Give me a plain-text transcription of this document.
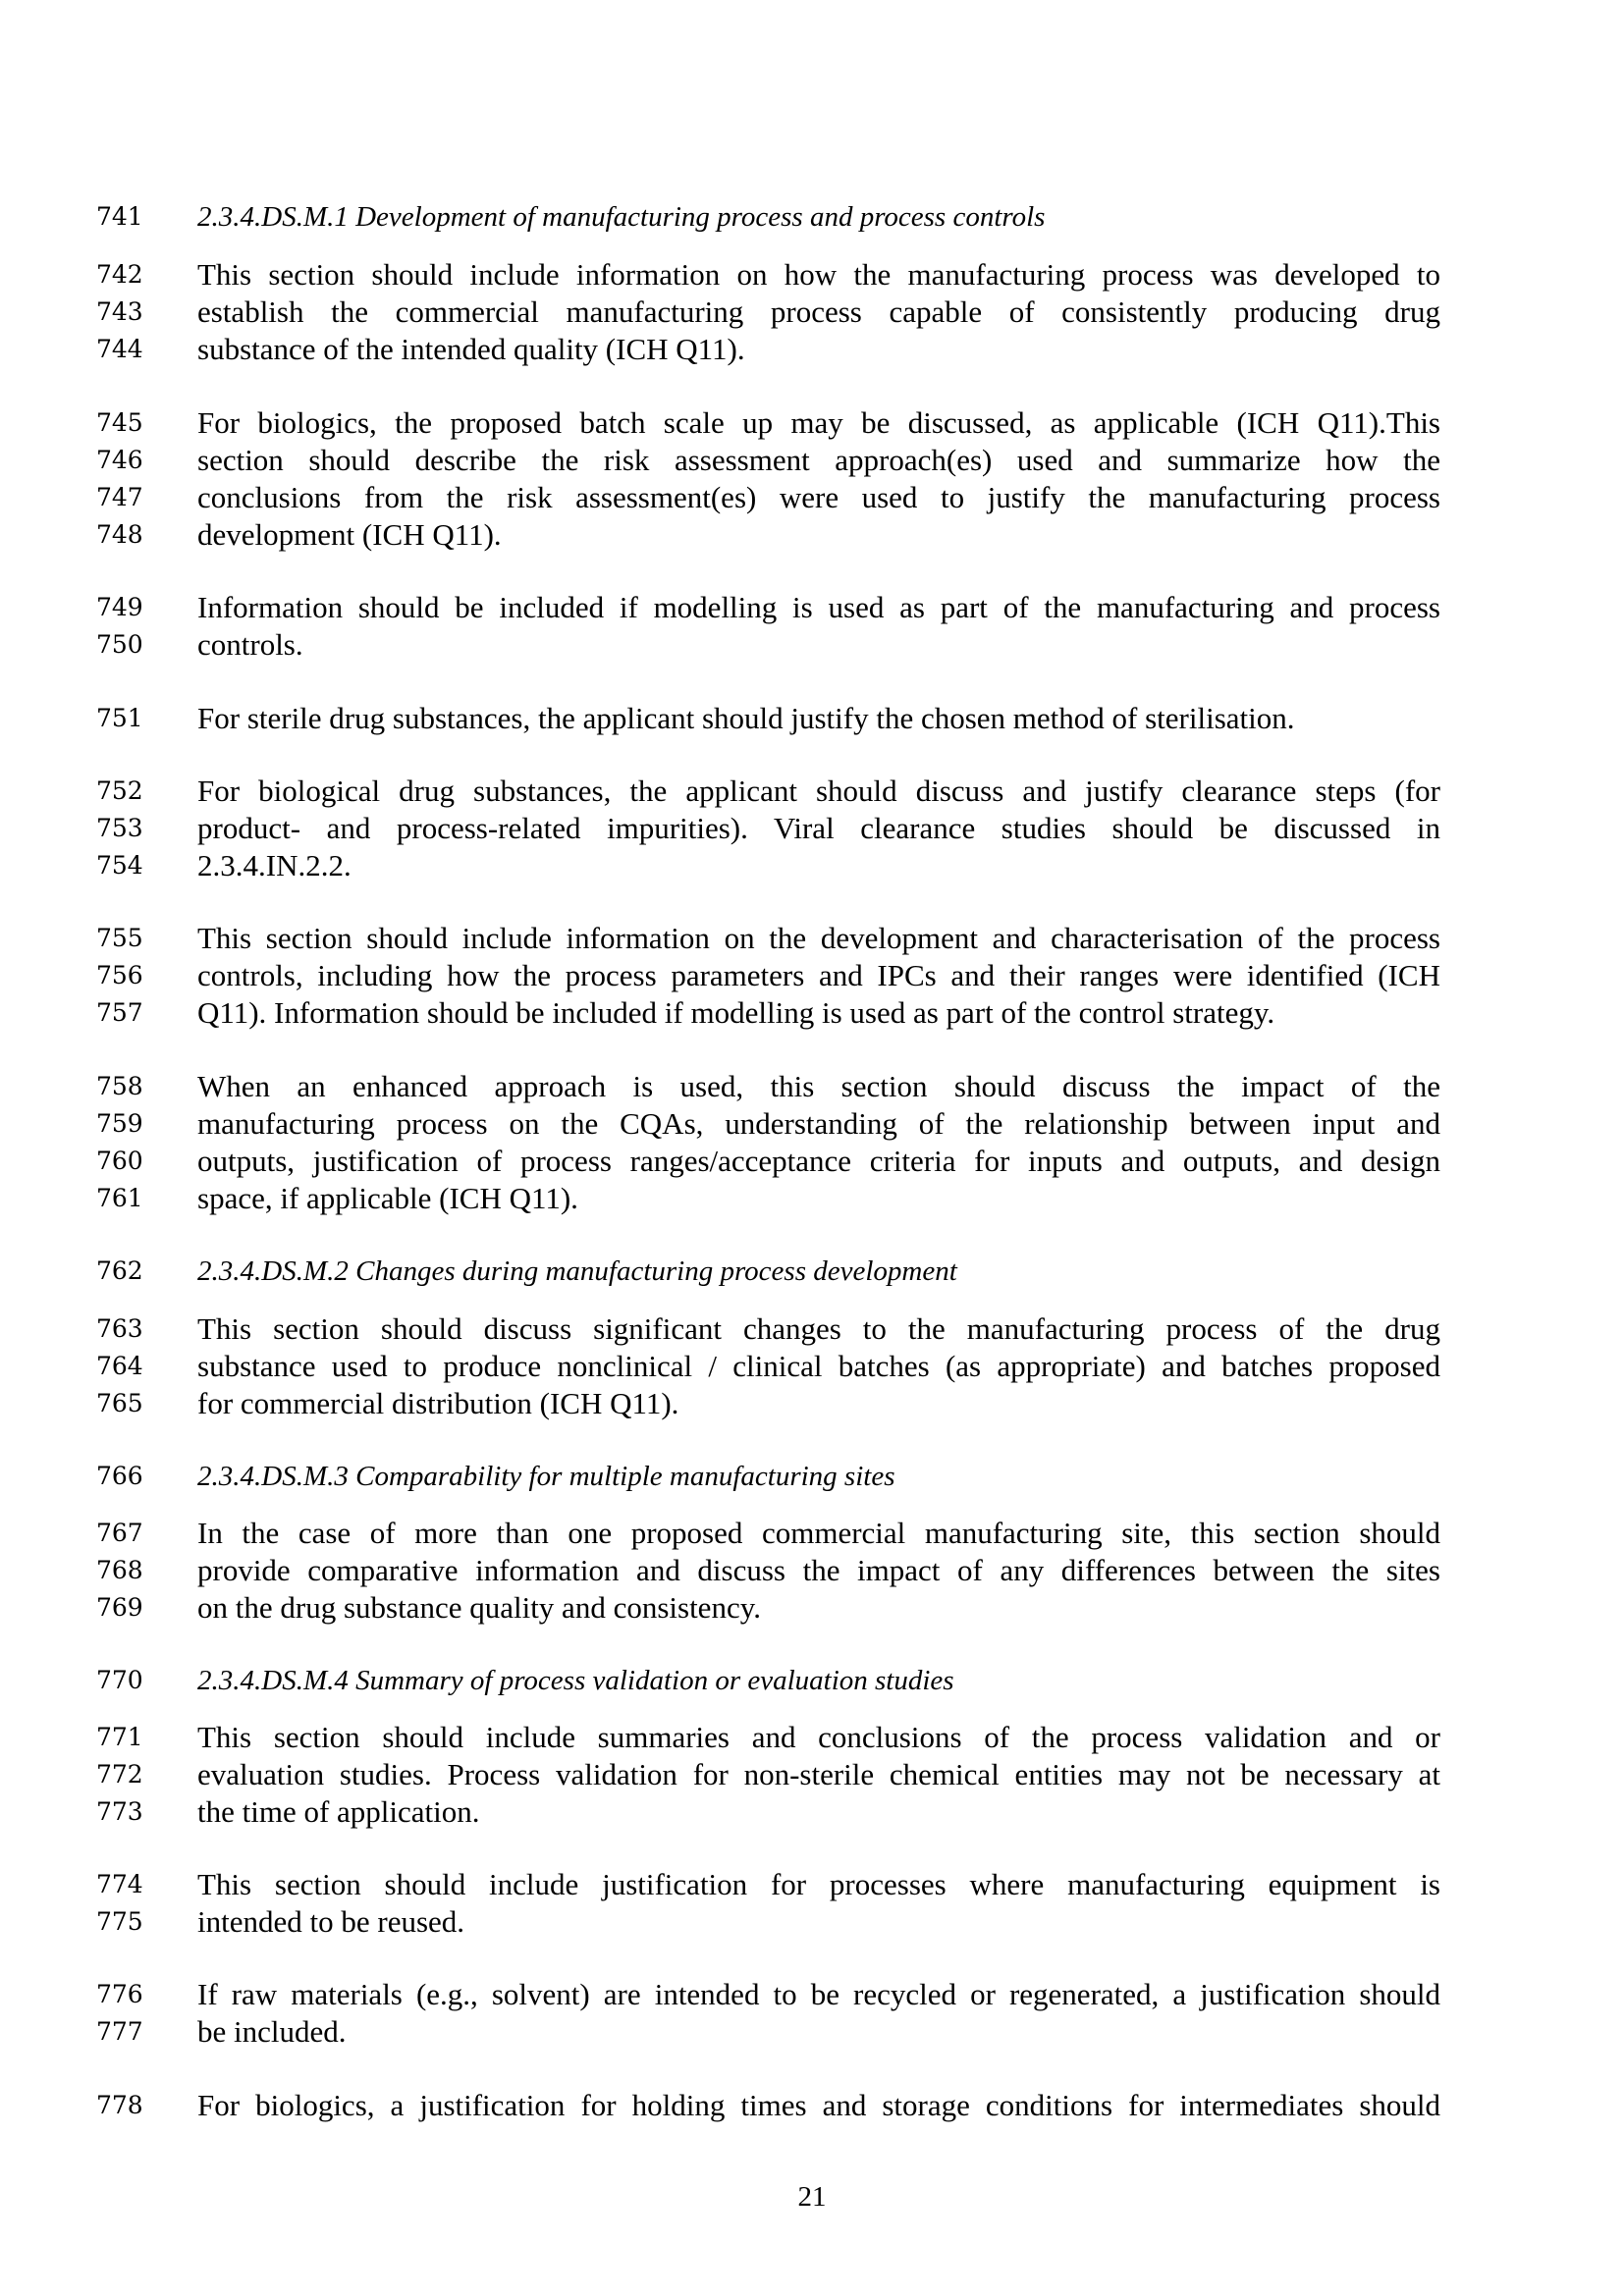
741	2.3.4.DS.M.1 Development of manufacturing process and process controls
742	This section should include information on how the manufacturing process was developed to
743	establish the commercial manufacturing process capable of consistently producing drug
744	substance of the intended quality (ICH Q11).
745	For biologics, the proposed batch scale up may be discussed, as applicable (ICH Q11).This
746	section should describe the risk assessment approach(es) used and summarize how the
747	conclusions from the risk assessment(es) were used to justify the manufacturing process
748	development (ICH Q11).
749	Information should be included if modelling is used as part of the manufacturing and process
750	controls.
751	For sterile drug substances, the applicant should justify the chosen method of sterilisation.
752	For biological drug substances, the applicant should discuss and justify clearance steps (for
753	product- and process-related impurities). Viral clearance studies should be discussed in
754	2.3.4.IN.2.2.
755	This section should include information on the development and characterisation of the process
756	controls, including how the process parameters and IPCs and their ranges were identified (ICH
757	Q11). Information should be included if modelling is used as part of the control strategy.
758	When an enhanced approach is used, this section should discuss the impact of the
759	manufacturing process on the CQAs, understanding of the relationship between input and
760	outputs, justification of process ranges/acceptance criteria for inputs and outputs, and design
761	space, if applicable (ICH Q11).
762	2.3.4.DS.M.2 Changes during manufacturing process development
763	This section should discuss significant changes to the manufacturing process of the drug
764	substance used to produce nonclinical / clinical batches (as appropriate) and batches proposed
765	for commercial distribution (ICH Q11).
766	2.3.4.DS.M.3 Comparability for multiple manufacturing sites
767	In the case of more than one proposed commercial manufacturing site, this section should
768	provide comparative information and discuss the impact of any differences between the sites
769	on the drug substance quality and consistency.
770	2.3.4.DS.M.4 Summary of process validation or evaluation studies
771	This section should include summaries and conclusions of the process validation and or
772	evaluation studies. Process validation for non-sterile chemical entities may not be necessary at
773	the time of application.
774	This section should include justification for processes where manufacturing equipment is
775	intended to be reused.
776	If raw materials (e.g., solvent) are intended to be recycled or regenerated, a justification should
777	be included.
778	For biologics, a justification for holding times and storage conditions for intermediates should
21
